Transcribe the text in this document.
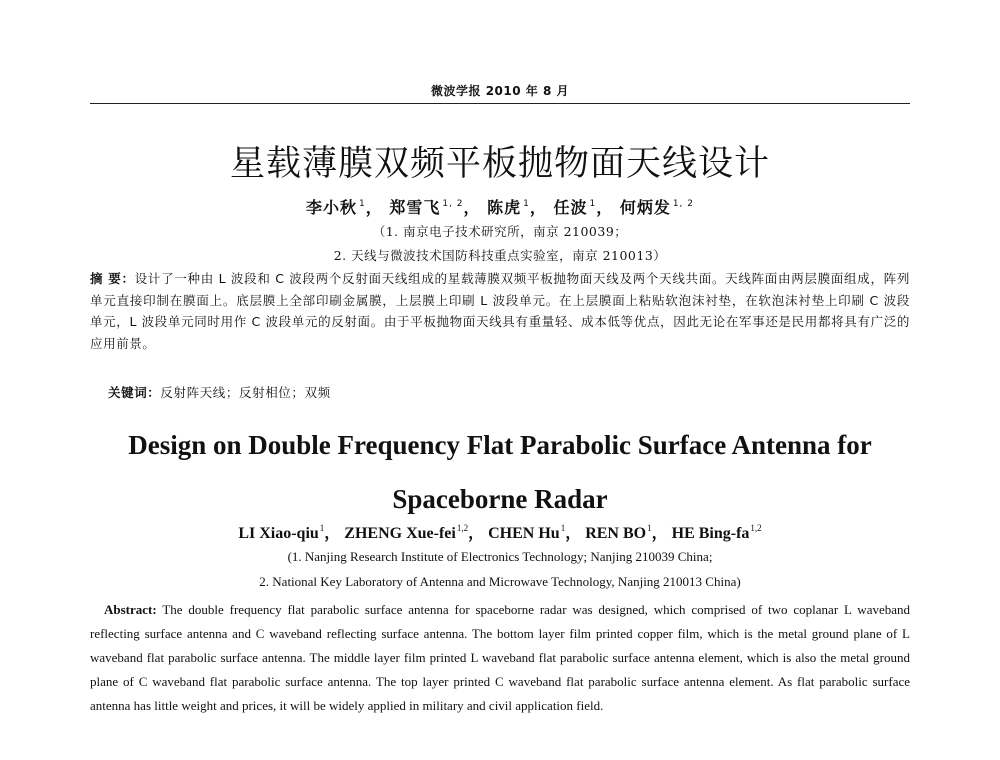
微波学报 2010 年 8 月
星载薄膜双频平板抛物面天线设计
李小秋 $^1$， 郑雪飞 $^{1, 2}$， 陈虎 $^1$， 任波 $^1$， 何炳发 $^{1, 2}$
（1. 南京电子技术研究所，南京 210039；
2. 天线与微波技术国防科技重点实验室，南京 210013）
摘 要：设计了一种由 L 波段和 C 波段两个反射面天线组成的星载薄膜双频平板抛物面天线及两个天线共面。天线阵面由两层膜面组成，阵列单元直接印制在膜面上。底层膜上全部印刷金属膜，上层膜上印刷 L 波段单元。在上层膜面上粘贴软泡沫衬垫，在软泡沫衬垫上印刷 C 波段单元，L 波段单元同时用作 C 波段单元的反射面。由于平板抛物面天线具有重量轻、成本低等优点，因此无论在军事还是民用都将具有广泛的应用前景。
关键词：反射阵天线；反射相位；双频
Design on Double Frequency Flat Parabolic Surface Antenna for Spaceborne Radar
LI Xiao-qiu$^1$， ZHENG Xue-fei$^{1,2}$， CHEN Hu$^1$， REN $BO^1$， HE Bing-fa$^{1,2}$
(1. Nanjing Research Institute of Electronics Technology; Nanjing 210039 China;
2. National Key Laboratory of Antenna and Microwave Technology, Nanjing 210013 China)

Abstract: The double frequency flat parabolic surface antenna for spaceborne radar was designed, which comprised of two coplanar L waveband reflecting surface antenna and C waveband reflecting surface antenna. The bottom layer film printed copper film, which is the metal ground plane of L waveband flat parabolic surface antenna. The middle layer film printed L waveband flat parabolic surface antenna element, which is also the metal ground plane of C waveband flat parabolic surface antenna. The top layer printed C waveband flat parabolic surface antenna element. As flat parabolic surface antenna has little weight and prices, it will be widely applied in military and civil application field.
